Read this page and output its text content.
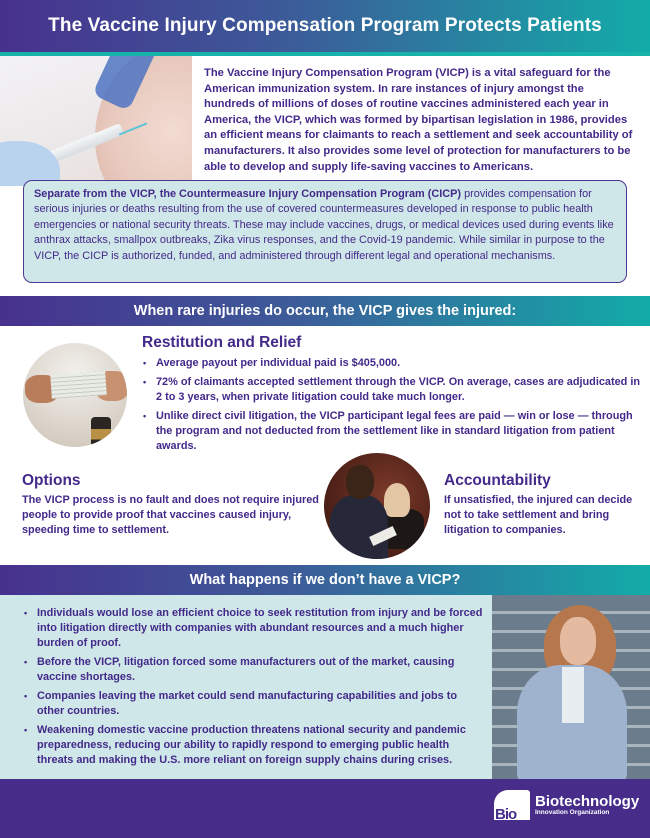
The Vaccine Injury Compensation Program Protects Patients

The Vaccine Injury Compensation Program (VICP) is a vital safeguard for the American immunization system. In rare instances of injury amongst the hundreds of millions of doses of routine vaccines administered each year in America, the VICP, which was formed by bipartisan legislation in 1986, provides an efficient means for claimants to reach a settlement and seek accountability of manufacturers. It also provides some level of protection for manufacturers to be able to develop and supply life-saving vaccines to Americans.

Separate from the VICP, the Countermeasure Injury Compensation Program (CICP) provides compensation for serious injuries or deaths resulting from the use of covered countermeasures developed in response to public health emergencies or national security threats. These may include vaccines, drugs, or medical devices used during events like anthrax attacks, smallpox outbreaks, Zika virus responses, and the Covid-19 pandemic. While similar in purpose to the VICP, the CICP is authorized, funded, and administered through different legal and operational mechanisms.
When rare injuries do occur, the VICP gives the injured:
Restitution and Relief
• Average payout per individual paid is $405,000.
• 72% of claimants accepted settlement through the VICP. On average, cases are adjudicated in 2 to 3 years, when private litigation could take much longer.
• Unlike direct civil litigation, the VICP participant legal fees are paid — win or lose — through the program and not deducted from the settlement like in standard litigation from patient awards.
Options

The VICP process is no fault and does not require injured people to provide proof that vaccines caused injury, speeding time to settlement.

Accountability

If unsatisfied, the injured can decide not to take settlement and bring litigation to companies.

What happens if we don’t have a VICP?
• Individuals would lose an efficient choice to seek restitution from injury and be forced into litigation directly with companies with abundant resources and a much higher burden of proof.
• Before the VICP, litigation forced some manufacturers out of the market, causing vaccine shortages.
• Companies leaving the market could send manufacturing capabilities and jobs to other countries.
• Weakening domestic vaccine production threatens national security and pandemic preparedness, reducing our ability to rapidly respond to emerging public health threats and making the U.S. more reliant on foreign supply chains during crises.
Bio
Biotechnology
Innovation Organization
